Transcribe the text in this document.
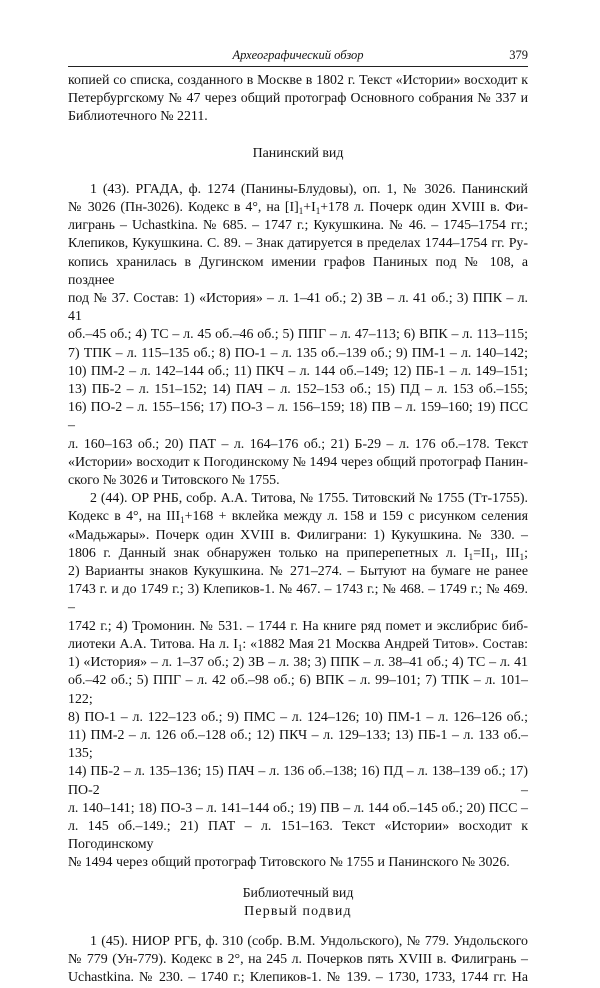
Археографический обзор	379

копией со списка, созданного в Москве в 1802 г. Текст «Истории» восходит к

Петербургскому № 47 через общий протограф Основного собрания № 337 и

Библиотечного № 2211.

Панинский вид

1 (43). РГАДА, ф. 1274 (Панины-Блудовы), оп. 1, № 3026. Панинский

№ 3026 (Пн-3026). Кодекс в 4°, на $[I]_1+I_1+178$ л. Почерк один XVIII в. Фи-

лигрань – Uchastkina. № 685. – 1747 г.; Кукушкина. № 46. – 1745–1754 гг.;

Клепиков, Кукушкина. С. 89. – Знак датируется в пределах 1744–1754 гг. Ру-

копись хранилась в Дугинском имении графов Паниных под № 108, а позднее

под № 37. Состав: 1) «История» – л. 1–41 об.; 2) ЗВ – л. 41 об.; 3) ППК – л. 41

об.–45 об.; 4) ТС – л. 45 об.–46 об.; 5) ППГ – л. 47–113; 6) ВПК – л. 113–115;

7) ТПК – л. 115–135 об.; 8) ПО-1 – л. 135 об.–139 об.; 9) ПМ-1 – л. 140–142;

10) ПМ-2 – л. 142–144 об.; 11) ПКЧ – л. 144 об.–149; 12) ПБ-1 – л. 149–151;

13) ПБ-2 – л. 151–152; 14) ПАЧ – л. 152–153 об.; 15) ПД – л. 153 об.–155;

16) ПО-2 – л. 155–156; 17) ПО-3 – л. 156–159; 18) ПВ – л. 159–160; 19) ПСС –

л. 160–163 об.; 20) ПАТ – л. 164–176 об.; 21) Б-29 – л. 176 об.–178. Текст

«Истории» восходит к Погодинскому № 1494 через общий протограф Панин-

ского № 3026 и Титовского № 1755.

2 (44). ОР РНБ, собр. А.А. Титова, № 1755. Титовский № 1755 (Тт-1755).

Кодекс в 4°, на $III_1+168$ + вклейка между л. 158 и 159 с рисунком селения

«Мадьжары». Почерк один XVIII в. Филиграни: 1) Кукушкина. № 330. –

1806 г. Данный знак обнаружен только на приперепетных л. $I_1=II_1$, $III_1$;

2) Варианты знаков Кукушкина. № 271–274. – Бытуют на бумаге не ранее

1743 г. и до 1749 г.; 3) Клепиков-1. № 467. – 1743 г.; № 468. – 1749 г.; № 469. –

1742 г.; 4) Тромонин. № 531. – 1744 г. На книге ряд помет и экслибрис биб-

лиотеки А.А. Титова. На л. $I_1$: «1882 Мая 21 Москва Андрей Титов». Состав:

1) «История» – л. 1–37 об.; 2) ЗВ – л. 38; 3) ППК – л. 38–41 об.; 4) ТС – л. 41

об.–42 об.; 5) ППГ – л. 42 об.–98 об.; 6) ВПК – л. 99–101; 7) ТПК – л. 101–122;

8) ПО-1 – л. 122–123 об.; 9) ПМС – л. 124–126; 10) ПМ-1 – л. 126–126 об.;

11) ПМ-2 – л. 126 об.–128 об.; 12) ПКЧ – л. 129–133; 13) ПБ-1 – л. 133 об.–135;

14) ПБ-2 – л. 135–136; 15) ПАЧ – л. 136 об.–138; 16) ПД – л. 138–139 об.; 17) ПО-2 –

л. 140–141; 18) ПО-3 – л. 141–144 об.; 19) ПВ – л. 144 об.–145 об.; 20) ПСС –

л. 145 об.–149.; 21) ПАТ – л. 151–163. Текст «Истории» восходит к Погодинскому

№ 1494 через общий протограф Титовского № 1755 и Панинского № 3026.

Библиотечный вид

Первый подвид

1 (45). НИОР РГБ, ф. 310 (собр. В.М. Ундольского), № 779. Ундольского

№ 779 (Ун-779). Кодекс в 2°, на 245 л. Почерков пять XVIII в. Филигрань –

Uchastkina. № 230. – 1740 г.; Клепиков-1. № 139. – 1730, 1733, 1744 гг. На
